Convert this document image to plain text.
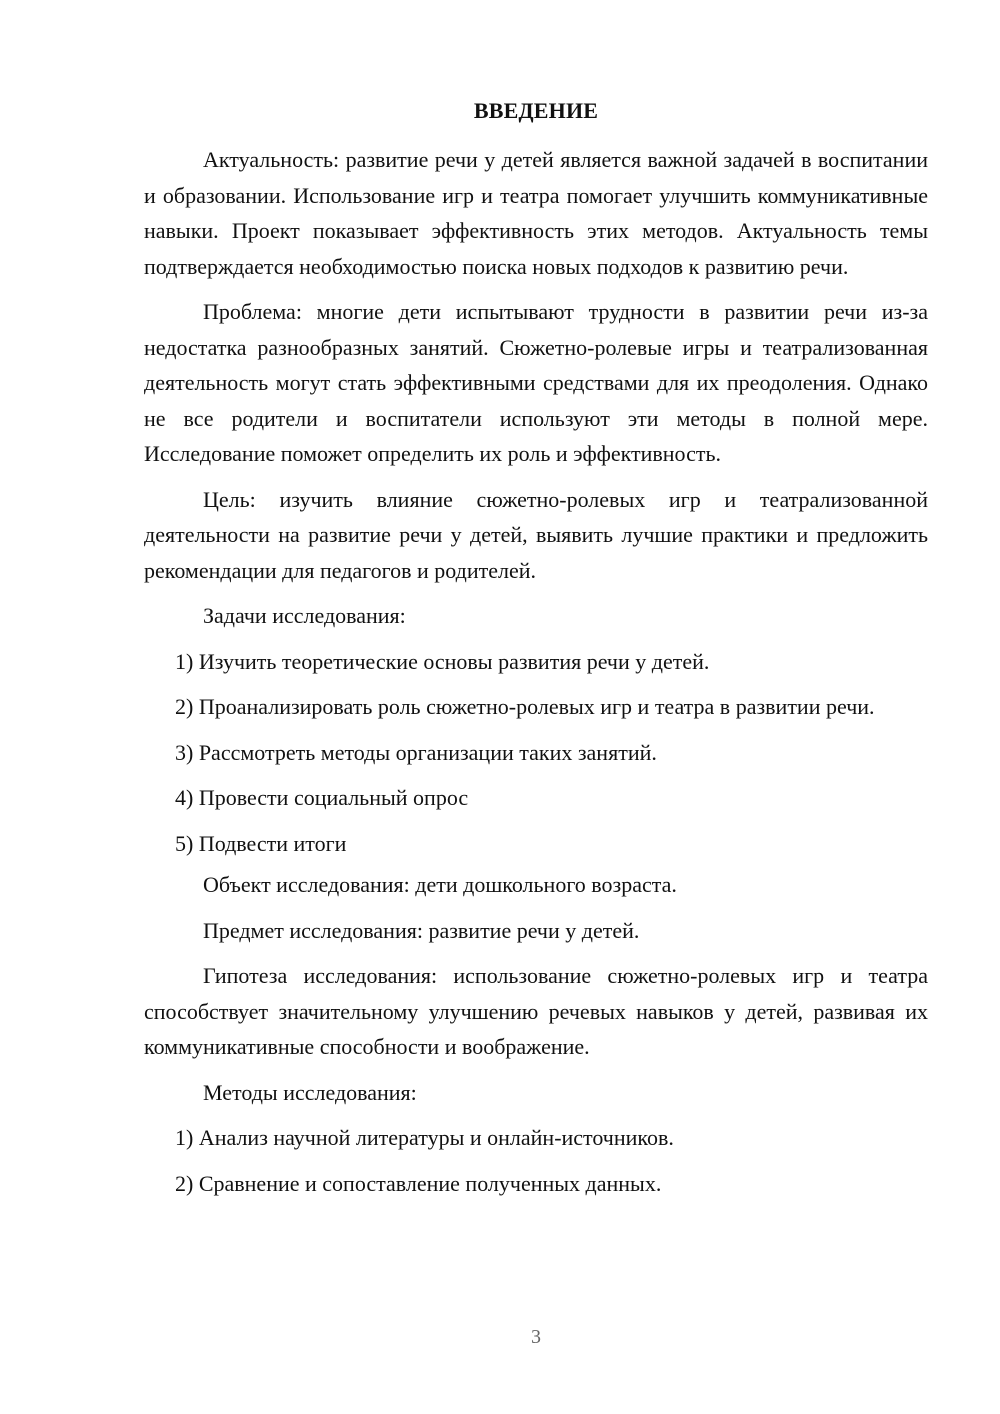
ВВЕДЕНИЕ

Актуальность: развитие речи у детей является важной задачей в воспитании и образовании. Использование игр и театра помогает улучшить коммуникативные навыки. Проект показывает эффективность этих методов. Актуальность темы подтверждается необходимостью поиска новых подходов к развитию речи.

Проблема: многие дети испытывают трудности в развитии речи из-за недостатка разнообразных занятий. Сюжетно-ролевые игры и театрализованная деятельность могут стать эффективными средствами для их преодоления. Однако не все родители и воспитатели используют эти методы в полной мере. Исследование поможет определить их роль и эффективность.

Цель: изучить влияние сюжетно-ролевых игр и театрализованной деятельности на развитие речи у детей, выявить лучшие практики и предложить рекомендации для педагогов и родителей.

Задачи исследования:

1) Изучить теоретические основы развития речи у детей.

2) Проанализировать роль сюжетно-ролевых игр и театра в развитии речи.

3) Рассмотреть методы организации таких занятий.

4) Провести социальный опрос

5) Подвести итоги

Объект исследования: дети дошкольного возраста.

Предмет исследования: развитие речи у детей.

Гипотеза исследования: использование сюжетно-ролевых игр и театра способствует значительному улучшению речевых навыков у детей, развивая их коммуникативные способности и воображение.

Методы исследования:

1) Анализ научной литературы и онлайн-источников.

2) Сравнение и сопоставление полученных данных.

3
